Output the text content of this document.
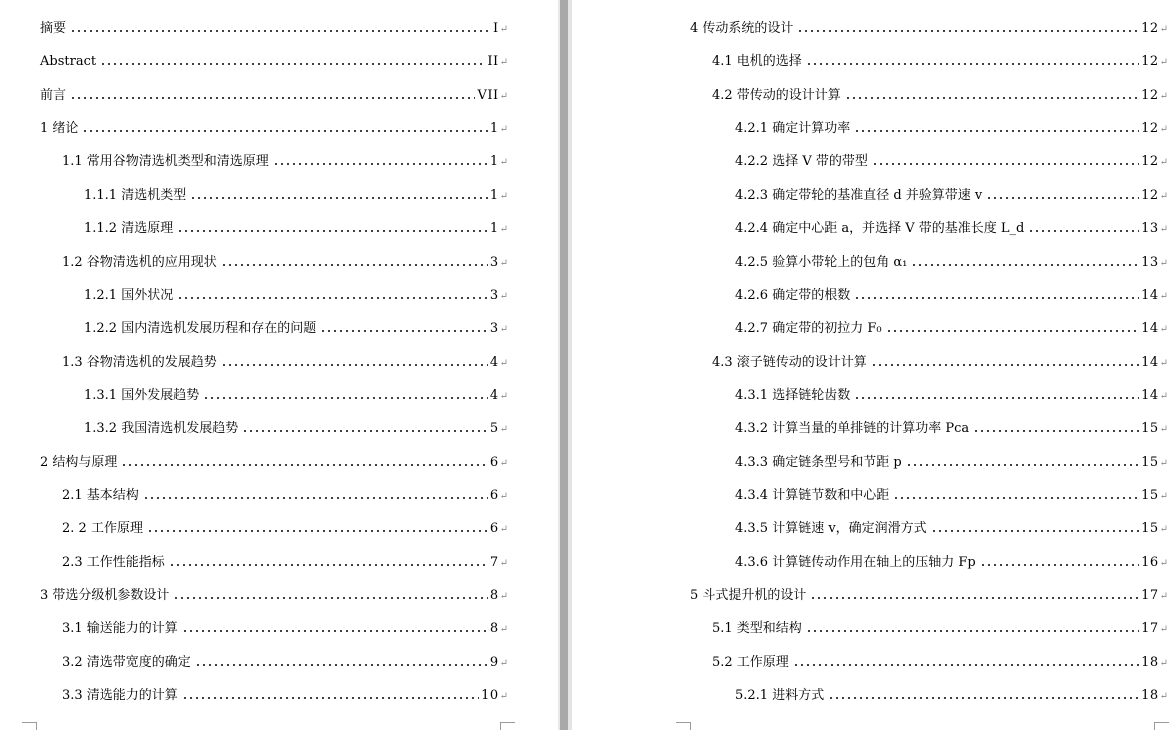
摘要	I ↵
Abstract	II ↵
前言	VII ↵
1 绪论	1 ↵
1.1 常用谷物清选机类型和清选原理	1 ↵
1.1.1 清选机类型	1 ↵
1.1.2 清选原理	1 ↵
1.2 谷物清选机的应用现状	3 ↵
1.2.1 国外状况	3 ↵
1.2.2 国内清选机发展历程和存在的问题	3 ↵
1.3 谷物清选机的发展趋势	4 ↵
1.3.1 国外发展趋势	4 ↵
1.3.2 我国清选机发展趋势	5 ↵
2 结构与原理	6 ↵
2.1 基本结构	6 ↵
2. 2 工作原理	6 ↵
2.3 工作性能指标	7 ↵
3 带选分级机参数设计	8 ↵
3.1 输送能力的计算	8 ↵
3.2 清选带宽度的确定	9 ↵
3.3 清选能力的计算	10 ↵
4 传动系统的设计	12 ↵
4.1 电机的选择	12 ↵
4.2 带传动的设计计算	12 ↵
4.2.1 确定计算功率	12 ↵
4.2.2 选择 V 带的带型	12 ↵
4.2.3 确定带轮的基准直径 d 并验算带速 v	12 ↵
4.2.4 确定中心距 a，并选择 V 带的基准长度 L_d	13 ↵
4.2.5 验算小带轮上的包角 α₁	13 ↵
4.2.6 确定带的根数	14 ↵
4.2.7 确定带的初拉力 F₀	14 ↵
4.3 滚子链传动的设计计算	14 ↵
4.3.1 选择链轮齿数	14 ↵
4.3.2 计算当量的单排链的计算功率 Pca	15 ↵
4.3.3 确定链条型号和节距 p	15 ↵
4.3.4 计算链节数和中心距	15 ↵
4.3.5 计算链速 v，确定润滑方式	15 ↵
4.3.6 计算链传动作用在轴上的压轴力 Fp	16 ↵
5 斗式提升机的设计	17 ↵
5.1 类型和结构	17 ↵
5.2 工作原理	18 ↵
5.2.1 进料方式	18 ↵
